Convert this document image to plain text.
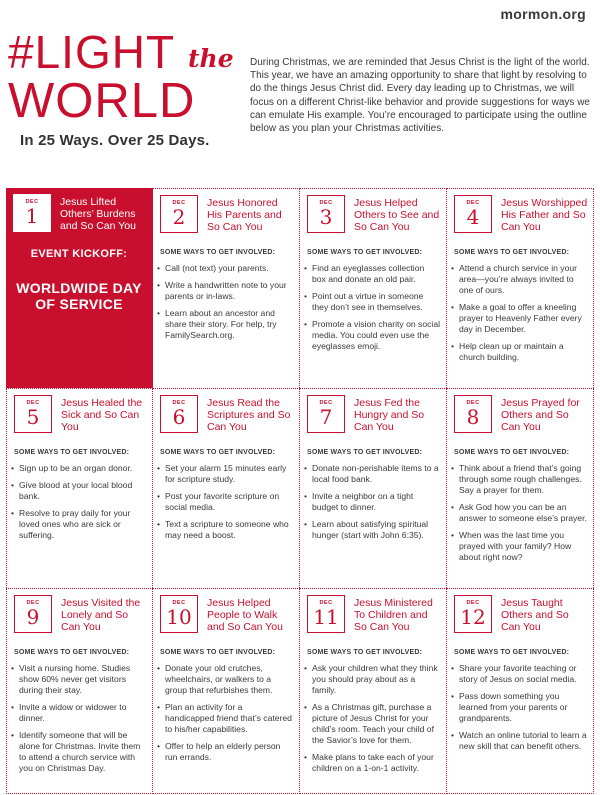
mormon.org
#LIGHT the
WORLD
In 25 Ways. Over 25 Days.
During Christmas, we are reminded that Jesus Christ is the light of the world. This year, we have an amazing opportunity to share that light by resolving to do the things Jesus Christ did. Every day leading up to Christmas, we will focus on a different Christ-like behavior and provide suggestions for ways we can emulate His example. You’re encouraged to participate using the outline below as you plan your Christmas activities.
DEC
1
Jesus Lifted Others’ Burdens and So Can You
EVENT KICKOFF:
WORLDWIDE DAY OF SERVICE
DEC
2
Jesus Honored His Parents and So Can You
SOME WAYS TO GET INVOLVED:
• Call (not text) your parents.
• Write a handwritten note to your parents or in-laws.
• Learn about an ancestor and share their story. For help, try FamilySearch.org.
DEC
3
Jesus Helped Others to See and So Can You
SOME WAYS TO GET INVOLVED:
• Find an eyeglasses collection box and donate an old pair.
• Point out a virtue in someone they don’t see in themselves.
• Promote a vision charity on social media. You could even use the eyeglasses emoji.
DEC
4
Jesus Worshipped His Father and So Can You
SOME WAYS TO GET INVOLVED:
• Attend a church service in your area—you’re always invited to one of ours.
• Make a goal to offer a kneeling prayer to Heavenly Father every day in December.
• Help clean up or maintain a church building.
DEC
5
Jesus Healed the Sick and So Can You
SOME WAYS TO GET INVOLVED:
• Sign up to be an organ donor.
• Give blood at your local blood bank.
• Resolve to pray daily for your loved ones who are sick or suffering.
DEC
6
Jesus Read the Scriptures and So Can You
SOME WAYS TO GET INVOLVED:
• Set your alarm 15 minutes early for scripture study.
• Post your favorite scripture on social media.
• Text a scripture to someone who may need a boost.
DEC
7
Jesus Fed the Hungry and So Can You
SOME WAYS TO GET INVOLVED:
• Donate non-perishable items to a local food bank.
• Invite a neighbor on a tight budget to dinner.
• Learn about satisfying spiritual hunger (start with John 6:35).
DEC
8
Jesus Prayed for Others and So Can You
SOME WAYS TO GET INVOLVED:
• Think about a friend that’s going through some rough challenges. Say a prayer for them.
• Ask God how you can be an answer to someone else’s prayer.
• When was the last time you prayed with your family? How about right now?
DEC
9
Jesus Visited the Lonely and So Can You
SOME WAYS TO GET INVOLVED:
• Visit a nursing home. Studies show 60% never get visitors during their stay.
• Invite a widow or widower to dinner.
• Identify someone that will be alone for Christmas. Invite them to attend a church service with you on Christmas Day.
DEC
10
Jesus Helped People to Walk and So Can You
SOME WAYS TO GET INVOLVED:
• Donate your old crutches, wheelchairs, or walkers to a group that refurbishes them.
• Plan an activity for a handicapped friend that’s catered to his/her capabilities.
• Offer to help an elderly person run errands.
DEC
11
Jesus Ministered To Children and So Can You
SOME WAYS TO GET INVOLVED:
• Ask your children what they think you should pray about as a family.
• As a Christmas gift, purchase a picture of Jesus Christ for your child’s room. Teach your child of the Savior’s love for them.
• Make plans to take each of your children on a 1-on-1 activity.
DEC
12
Jesus Taught Others and So Can You
SOME WAYS TO GET INVOLVED:
• Share your favorite teaching or story of Jesus on social media.
• Pass down something you learned from your parents or grandparents.
• Watch an online tutorial to learn a new skill that can benefit others.
